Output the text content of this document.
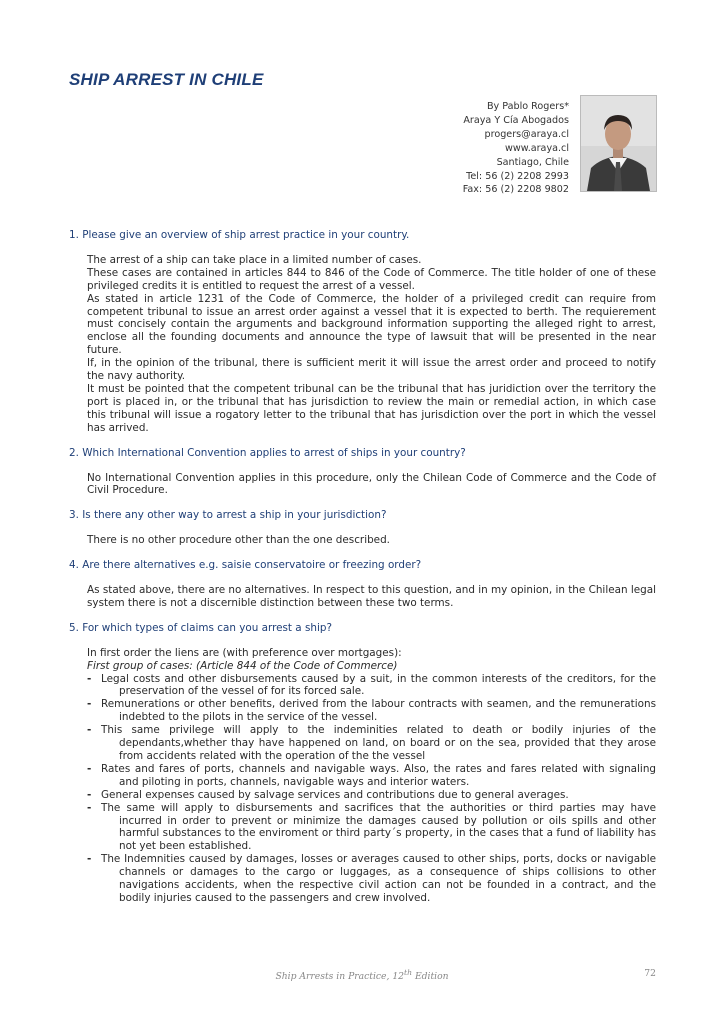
SHIP ARREST IN CHILE
By Pablo Rogers*
Araya Y Cía Abogados
progers@araya.cl
www.araya.cl
Santiago, Chile
Tel: 56 (2) 2208 2993
Fax: 56 (2) 2208 9802
1. Please give an overview of ship arrest practice in your country.

The arrest of a ship can take place in a limited number of cases.

These cases are contained in articles 844 to 846 of the Code of Commerce. The title holder of one of these privileged credits it is entitled to request the arrest of a vessel.

As stated in article 1231 of the Code of Commerce, the holder of a privileged credit can require from competent tribunal to issue an arrest order against a vessel that it is expected to berth. The requierement must concisely contain the arguments and background information supporting the alleged right to arrest, enclose all the founding documents and announce the type of lawsuit that will be presented in the near future.

If, in the opinion of the tribunal, there is sufficient merit it will issue the arrest order and proceed to notify the navy authority.

It must be pointed that the competent tribunal can be the tribunal that has juridiction over the territory the port is placed in, or the tribunal that has jurisdiction to review the main or remedial action, in which case this tribunal will issue a rogatory letter to the tribunal that has jurisdiction over the port in which the vessel has arrived.

2. Which International Convention applies to arrest of ships in your country?

No International Convention applies in this procedure, only the Chilean Code of Commerce and the Code of Civil Procedure.

3. Is there any other way to arrest a ship in your jurisdiction?

There is no other procedure other than the one described.

4. Are there alternatives e.g. saisie conservatoire or freezing order?

As stated above, there are no alternatives. In respect to this question, and in my opinion, in the Chilean legal system there is not a discernible distinction between these two terms.

5. For which types of claims can you arrest a ship?

In first order the liens are (with preference over mortgages):

First group of cases: (Article 844 of the Code of Commerce)

- Legal costs and other disbursements caused by a suit, in the common interests of the creditors, for the preservation of the vessel of for its forced sale.
- Remunerations or other benefits, derived from the labour contracts with seamen, and the remunerations indebted to the pilots in the service of the vessel.
- This same privilege will apply to the indeminities related to death or bodily injuries of the dependants,whether thay have happened on land, on board or on the sea, provided that they arose from accidents related with the operation of the the vessel
- Rates and fares of ports, channels and navigable ways. Also, the rates and fares related with signaling and piloting in ports, channels, navigable ways and interior waters.
- General expenses caused by salvage services and contributions due to general averages.
- The same will apply to disbursements and sacrifices that the authorities or third parties may have incurred in order to prevent or minimize the damages caused by pollution or oils spills and other harmful substances to the enviroment or third party´s property, in the cases that a fund of liability has not yet been established.
- The Indemnities caused by damages, losses or averages caused to other ships, ports, docks or navigable channels or damages to the cargo or luggages, as a consequence of ships collisions to other navigations accidents, when the respective civil action can not be founded in a contract, and the bodily injuries caused to the passengers and crew involved.
Ship Arrests in Practice, 12th Edition	72
